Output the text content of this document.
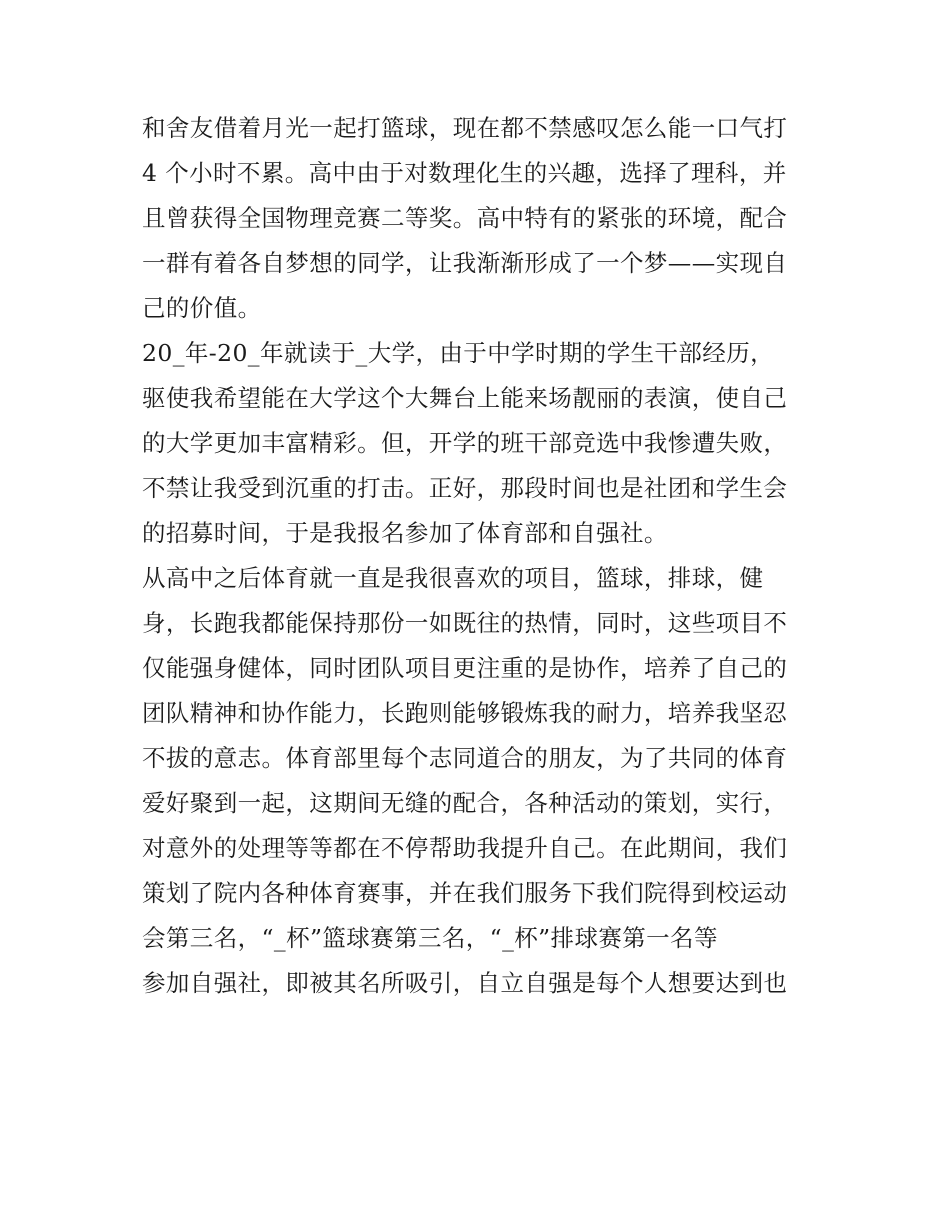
和舍友借着月光一起打篮球，现在都不禁感叹怎么能一口气打
4 个小时不累。高中由于对数理化生的兴趣，选择了理科，并
且曾获得全国物理竞赛二等奖。高中特有的紧张的环境，配合
一群有着各自梦想的同学，让我渐渐形成了一个梦——实现自
己的价值。
20_年-20_年就读于_大学，由于中学时期的学生干部经历，
驱使我希望能在大学这个大舞台上能来场靓丽的表演，使自己
的大学更加丰富精彩。但，开学的班干部竞选中我惨遭失败，
不禁让我受到沉重的打击。正好，那段时间也是社团和学生会
的招募时间，于是我报名参加了体育部和自强社。
从高中之后体育就一直是我很喜欢的项目，篮球，排球，健
身，长跑我都能保持那份一如既往的热情，同时，这些项目不
仅能强身健体，同时团队项目更注重的是协作，培养了自己的
团队精神和协作能力，长跑则能够锻炼我的耐力，培养我坚忍
不拔的意志。体育部里每个志同道合的朋友，为了共同的体育
爱好聚到一起，这期间无缝的配合，各种活动的策划，实行，
对意外的处理等等都在不停帮助我提升自己。在此期间，我们
策划了院内各种体育赛事，并在我们服务下我们院得到校运动
会第三名，“_杯”篮球赛第三名，“_杯”排球赛第一名等
参加自强社，即被其名所吸引，自立自强是每个人想要达到也
